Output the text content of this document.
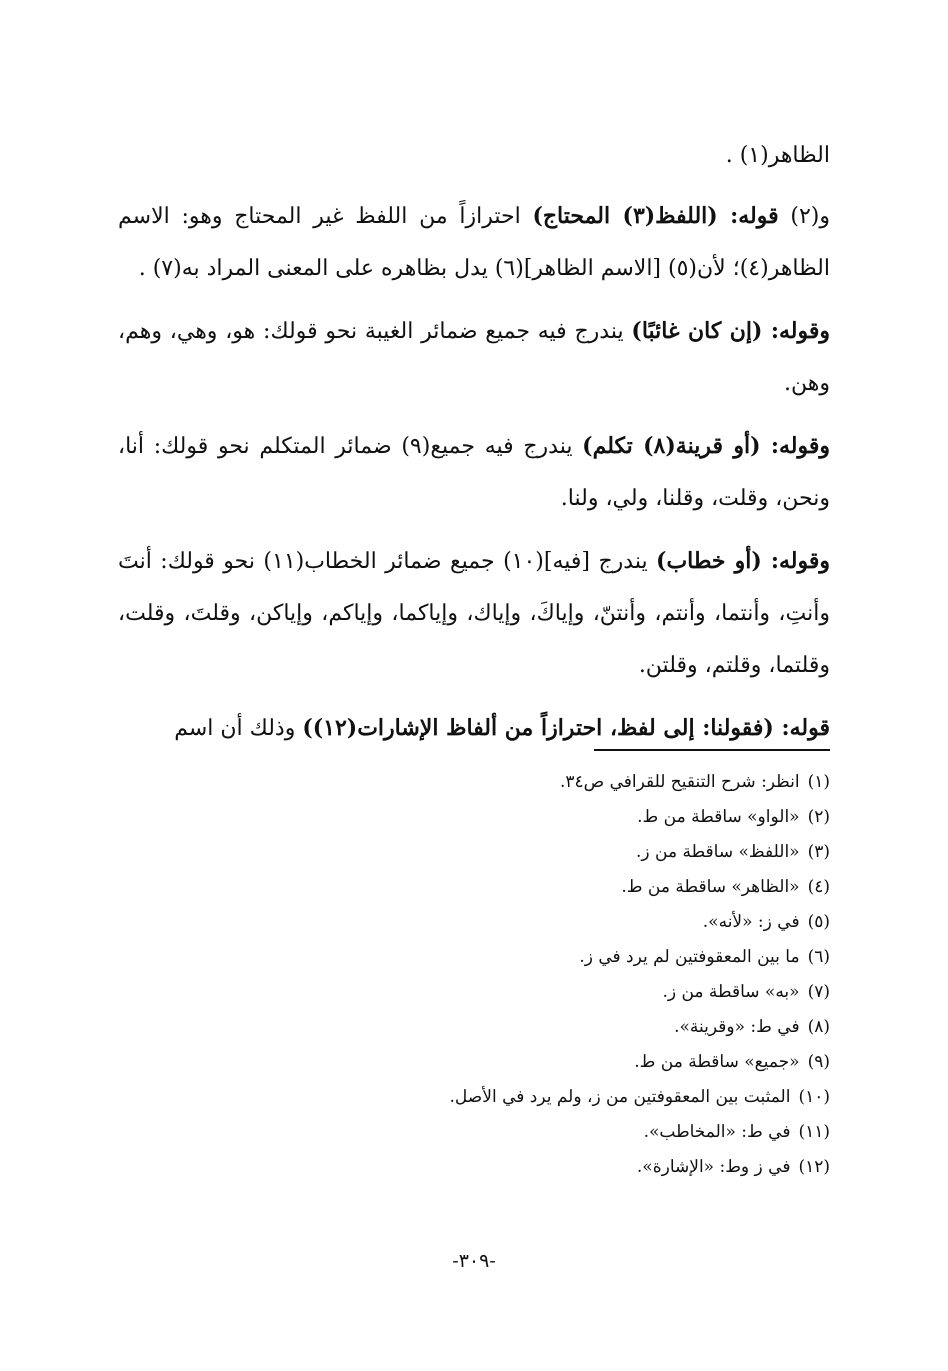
الظاهر(١) .
و(٢) قوله: (اللفظ(٣) المحتاج) احترازاً من اللفظ غير المحتاج وهو: الاسم الظاهر(٤)؛ لأن(٥) [الاسم الظاهر](٦) يدل بظاهره على المعنى المراد به(٧) .
وقوله: (إن كان غائبًا) يندرج فيه جميع ضمائر الغيبة نحو قولك: هو، وهي، وهم، وهن.
وقوله: (أو قرينة(٨) تكلم) يندرج فيه جميع(٩) ضمائر المتكلم نحو قولك: أنا، ونحن، وقلت، وقلنا، ولي، ولنا.
وقوله: (أو خطاب) يندرج [فيه](١٠) جميع ضمائر الخطاب(١١) نحو قولك: أنتَ وأنتِ، وأنتما، وأنتم، وأنتنّ، وإياكَ، وإياك، وإياكما، وإياكم، وإياكن، وقلتَ، وقلت، وقلتما، وقلتم، وقلتن.
قوله: (فقولنا: إلى لفظ، احترازاً من ألفاظ الإشارات(١٢)) وذلك أن اسم
(١)انظر: شرح التنقيح للقرافي ص٣٤.
(٢)«الواو» ساقطة من ط.
(٣)«اللفظ» ساقطة من ز.
(٤)«الظاهر» ساقطة من ط.
(٥)في ز: «لأنه».
(٦)ما بين المعقوفتين لم يرد في ز.
(٧)«به» ساقطة من ز.
(٨)في ط: «وقرينة».
(٩)«جميع» ساقطة من ط.
(١٠)المثبت بين المعقوفتين من ز، ولم يرد في الأصل.
(١١)في ط: «المخاطب».
(١٢)في ز وط: «الإشارة».
-٣٠٩-
